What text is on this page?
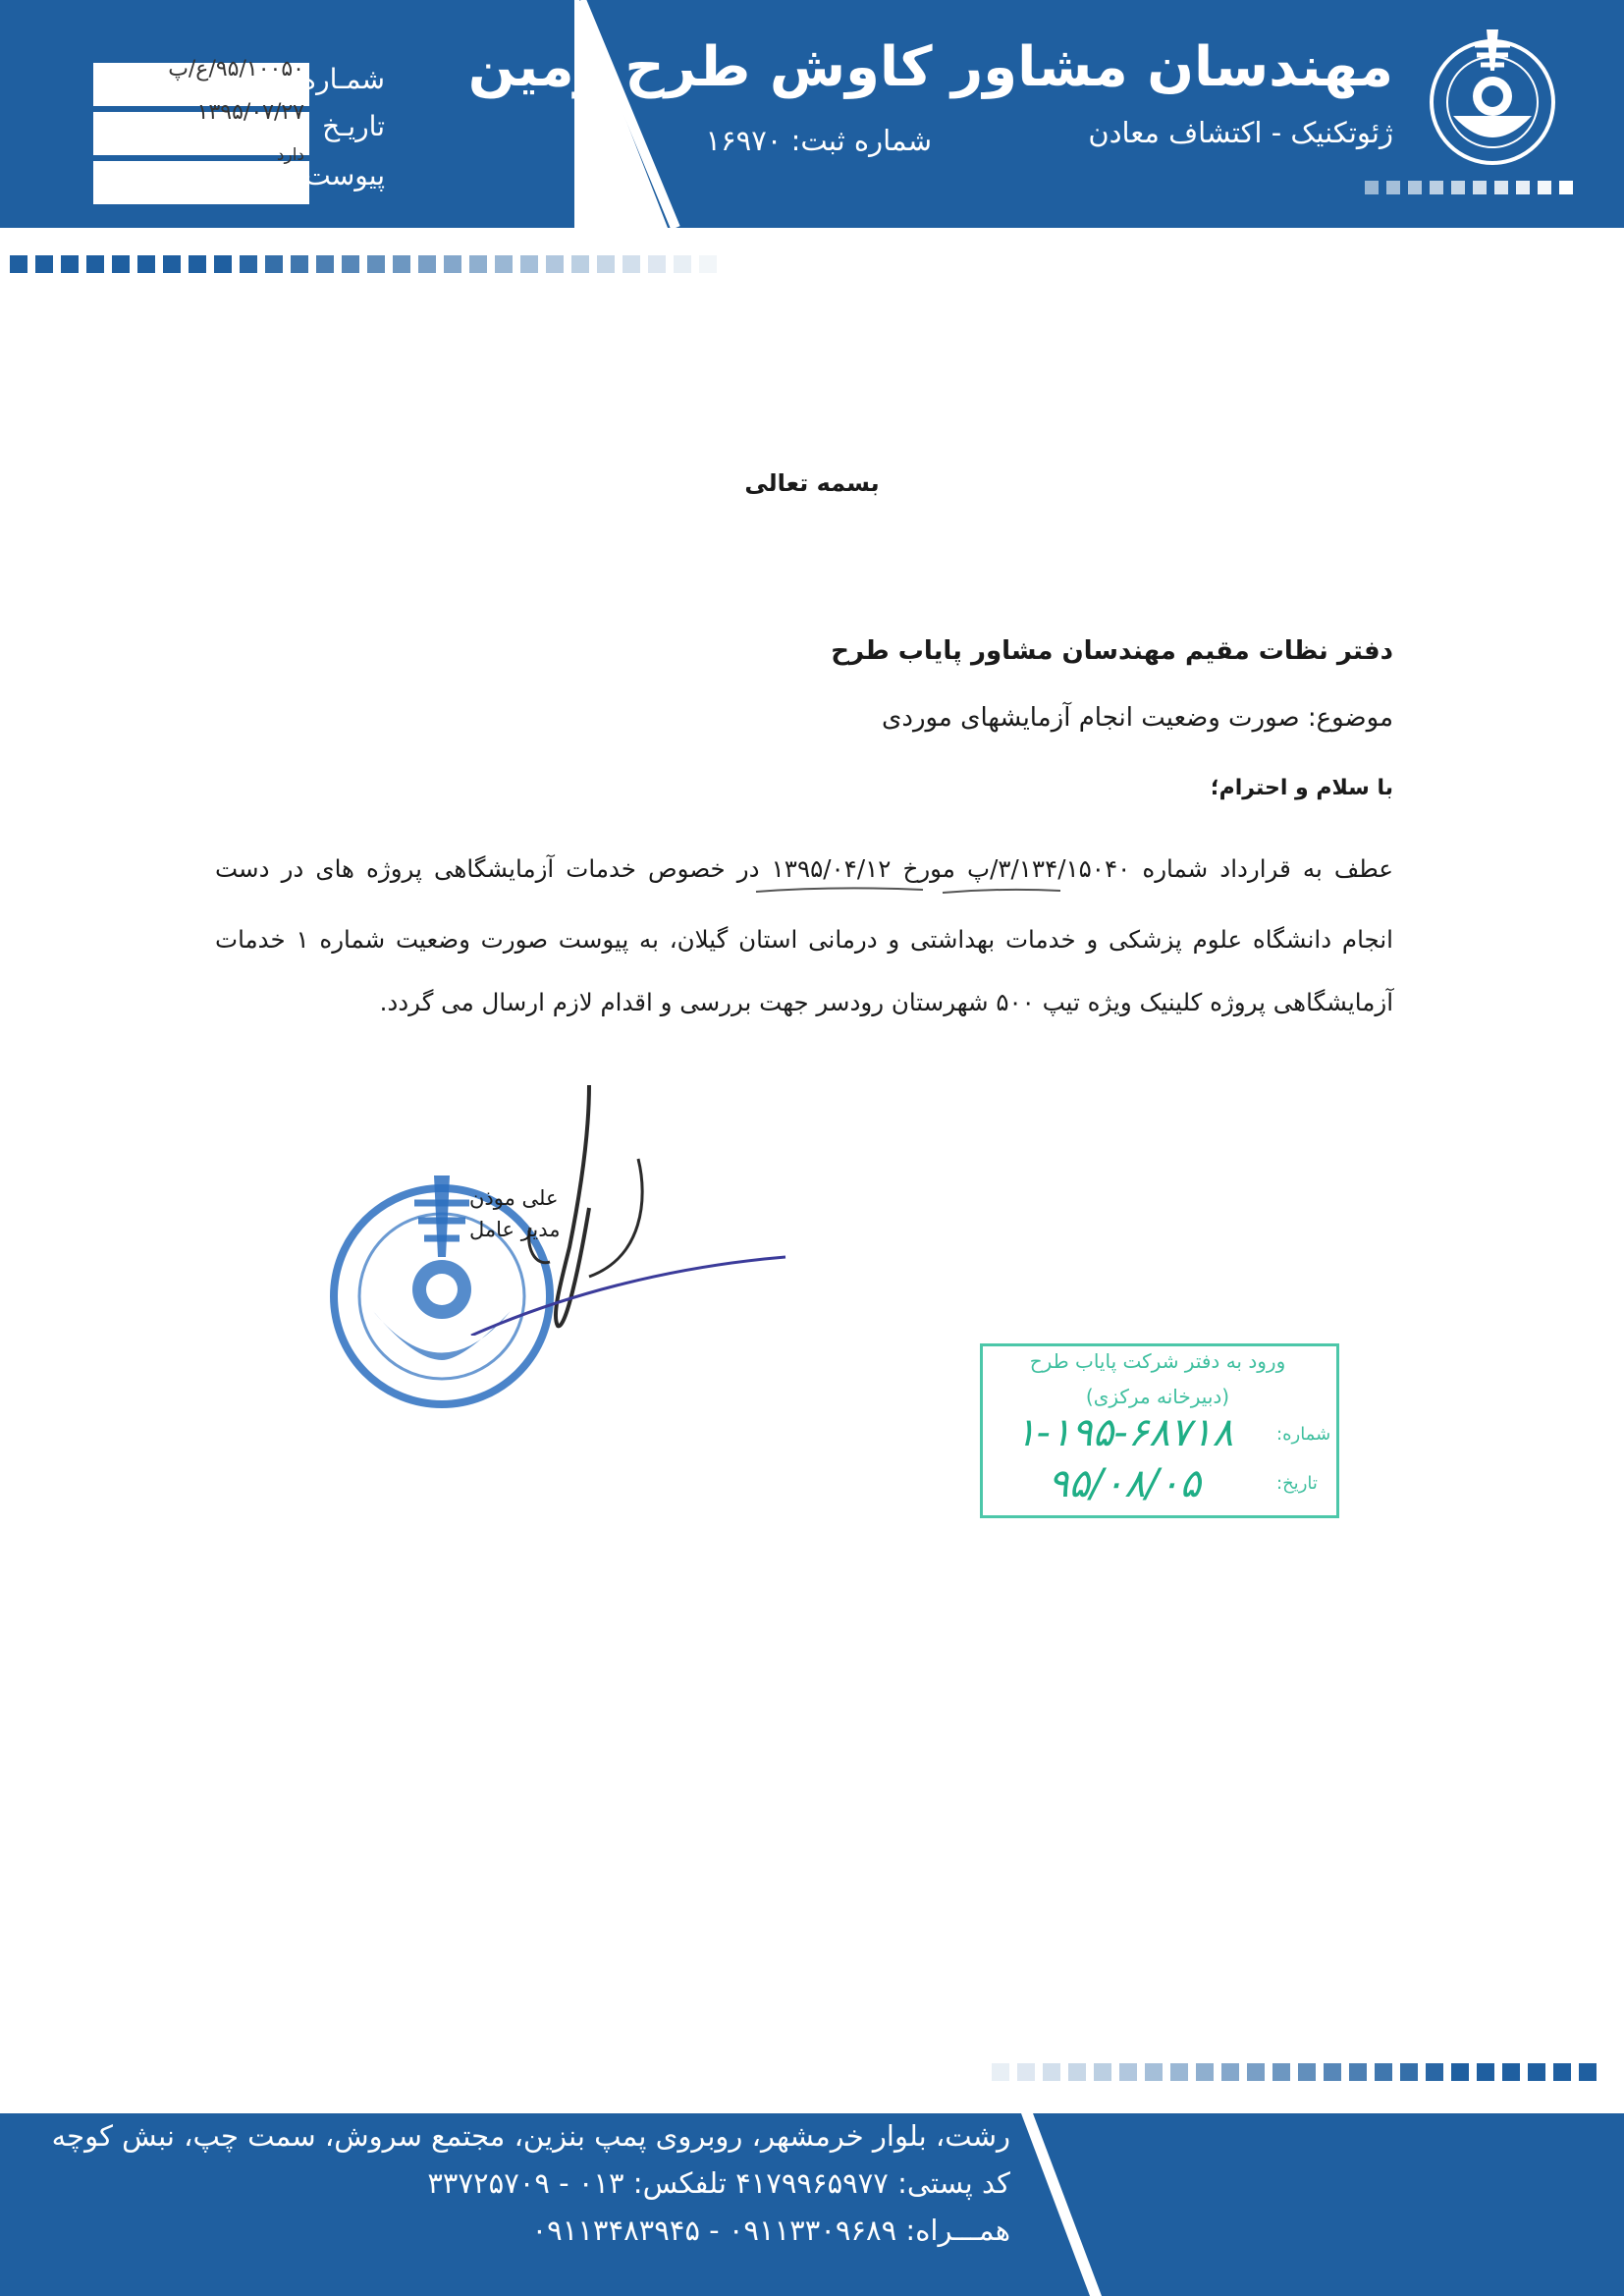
مهندسان مشاور کاوش طرح زمین
ژئوتکنیک - اکتشاف معادن
شماره ثبت: ۱۶۹۷۰
شمـاره
تاریـخ
پیوست
۹۵/۱۰۰۵۰/ع/پ
۱۳۹۵/۰۷/۲۷
دارد
بسمه تعالی
دفتر نظات مقیم مهندسان مشاور پایاب طرح
موضوع: صورت وضعیت انجام آزمایشهای موردی
با سلام و احترام؛
عطف به قرارداد شماره ۳/۱۳۴/۱۵۰۴۰/پ مورخ ۱۳۹۵/۰۴/۱۲ در خصوص خدمات آزمایشگاهی پروژه های در دست
انجام دانشگاه علوم پزشکی و خدمات بهداشتی و درمانی استان گیلان، به پیوست صورت وضعیت شماره ۱ خدمات
آزمایشگاهی پروژه کلینیک ویژه تیپ ۵۰۰ شهرستان رودسر جهت بررسی و اقدام لازم ارسال می گردد.
علی موذن
مدیر عامل
ورود به دفتر شرکت پایاب طرح
(دبیرخانه مرکزی)
شماره:
تاریخ:
۱-۱۹۵-۶۸۷۱۸
۹۵/۰۸/۰۵
رشت، بلوار خرمشهر، روبروی پمپ بنزین، مجتمع سروش، سمت چپ، نبش کوچه
کد پستی: ۴۱۷۹۹۶۵۹۷۷ تلفکس: ۰۱۳ - ۳۳۷۲۵۷۰۹
همـــراه: ۰۹۱۱۳۳۰۹۶۸۹ - ۰۹۱۱۳۴۸۳۹۴۵
